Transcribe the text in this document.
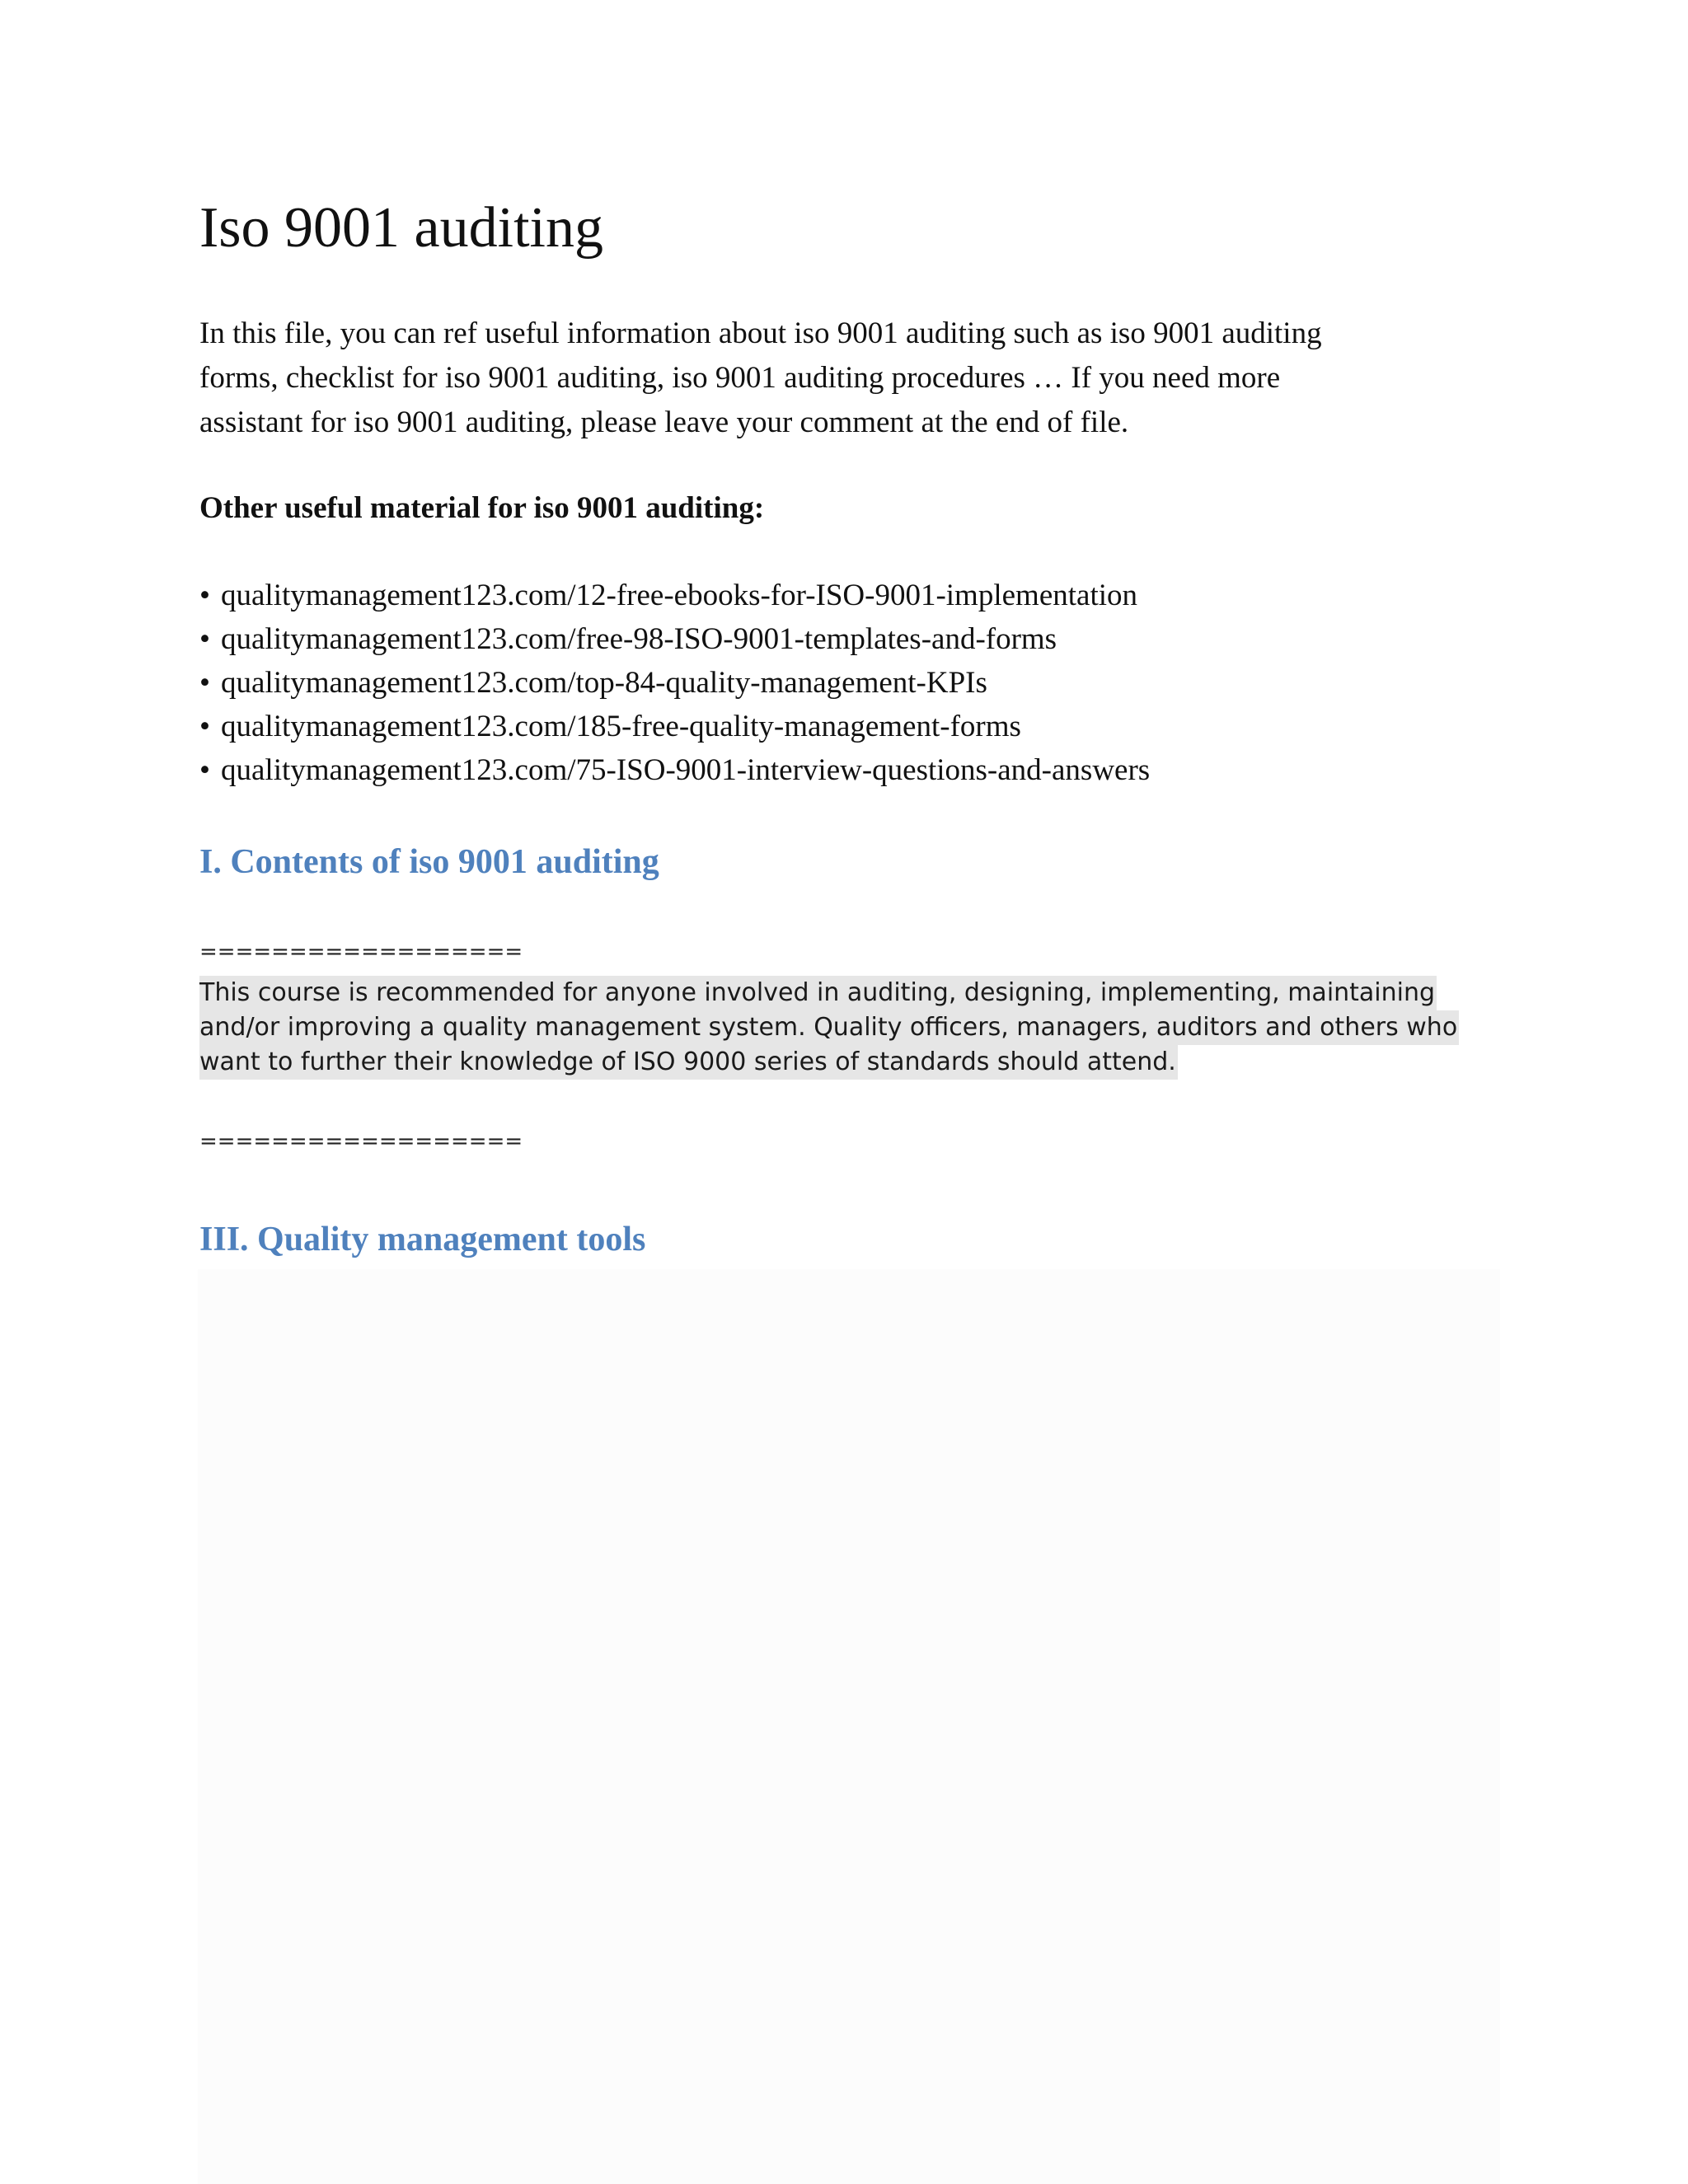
Iso 9001 auditing

In this file, you can ref useful information about iso 9001 auditing such as iso 9001 auditing
forms, checklist for iso 9001 auditing, iso 9001 auditing procedures … If you need more
assistant for iso 9001 auditing, please leave your comment at the end of file.

Other useful material for iso 9001 auditing:

• qualitymanagement123.com/12-free-ebooks-for-ISO-9001-implementation
• qualitymanagement123.com/free-98-ISO-9001-templates-and-forms
• qualitymanagement123.com/top-84-quality-management-KPIs
• qualitymanagement123.com/185-free-quality-management-forms
• qualitymanagement123.com/75-ISO-9001-interview-questions-and-answers
I. Contents of iso 9001 auditing

==================

This course is recommended for anyone involved in auditing, designing, implementing, maintaining
and/or improving a quality management system. Quality officers, managers, auditors and others who
want to further their knowledge of ISO 9000 series of standards should attend.

==================

III. Quality management tools
